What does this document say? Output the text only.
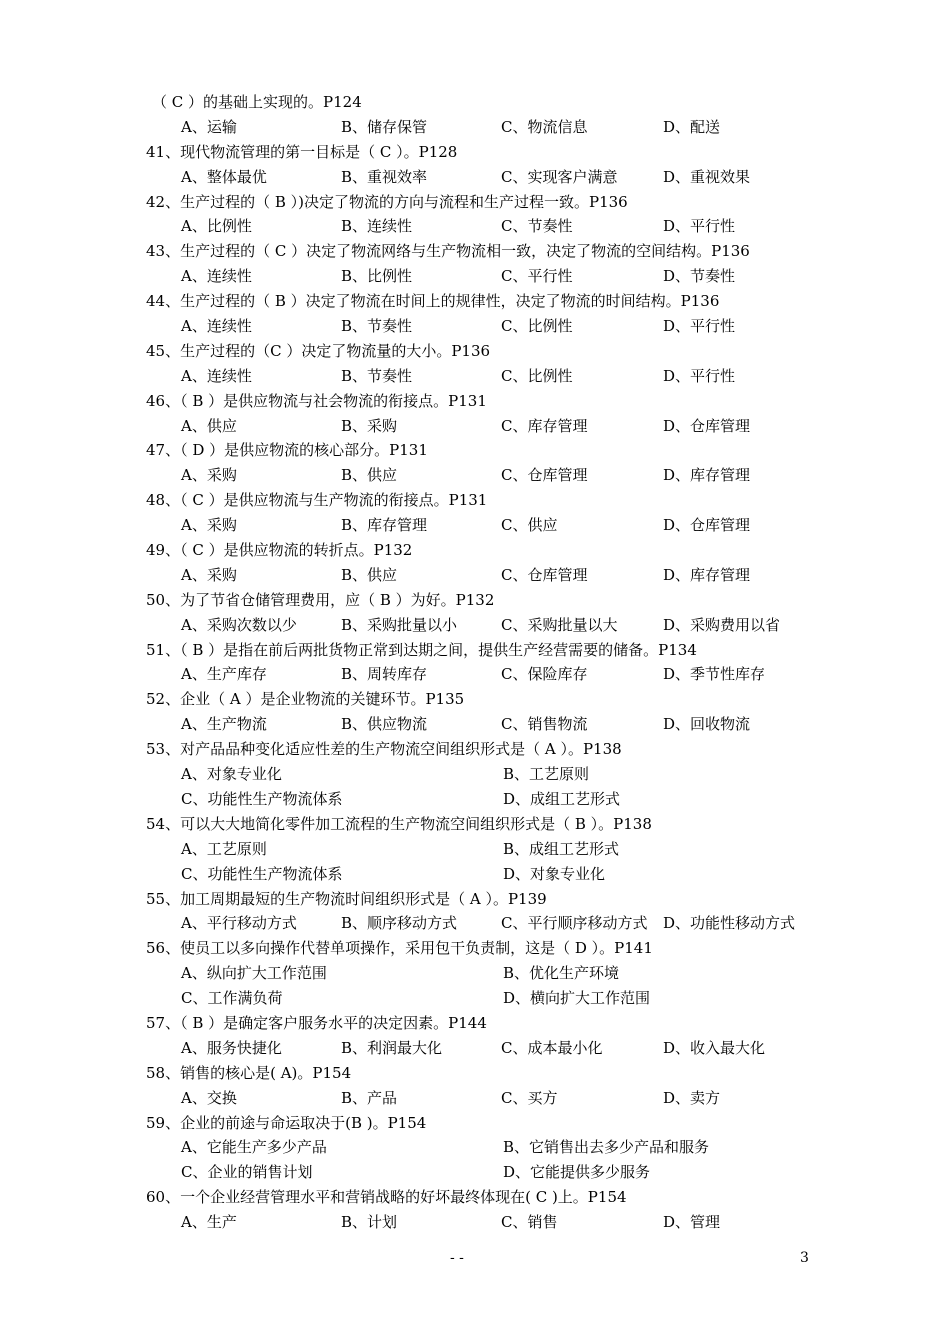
（ C ）的基础上实现的。P124
A、运输	B、储存保管	C、物流信息	D、配送
41、现代物流管理的第一目标是（ C ）。P128
A、整体最优	B、重视效率	C、实现客户满意	D、重视效果
42、生产过程的（ B ）)决定了物流的方向与流程和生产过程一致。P136
A、比例性	B、连续性	C、节奏性	D、平行性
43、生产过程的（ C ）决定了物流网络与生产物流相一致，决定了物流的空间结构。P136
A、连续性	B、比例性	C、平行性	D、节奏性
44、生产过程的（ B ）决定了物流在时间上的规律性，决定了物流的时间结构。P136
A、连续性	B、节奏性	C、比例性	D、平行性
45、生产过程的（C ）决定了物流量的大小。P136
A、连续性	B、节奏性	C、比例性	D、平行性
46、（ B ）是供应物流与社会物流的衔接点。P131
A、供应	B、采购	C、库存管理	D、仓库管理
47、（ D ）是供应物流的核心部分。P131
A、采购	B、供应	C、仓库管理	D、库存管理
48、（ C ）是供应物流与生产物流的衔接点。P131
A、采购	B、库存管理	C、供应	D、仓库管理
49、（ C ）是供应物流的转折点。P132
A、采购	B、供应	C、仓库管理	D、库存管理
50、为了节省仓储管理费用，应（ B ）为好。P132
A、采购次数以少	B、采购批量以小	C、采购批量以大	D、采购费用以省
51、（ B ）是指在前后两批货物正常到达期之间，提供生产经营需要的储备。P134
A、生产库存	B、周转库存	C、保险库存	D、季节性库存
52、企业（ A ）是企业物流的关键环节。P135
A、生产物流	B、供应物流	C、销售物流	D、回收物流
53、对产品品种变化适应性差的生产物流空间组织形式是（ A ）。P138
A、对象专业化	B、工艺原则
C、功能性生产物流体系	D、成组工艺形式
54、可以大大地简化零件加工流程的生产物流空间组织形式是（ B ）。P138
A、工艺原则	B、成组工艺形式
C、功能性生产物流体系	D、对象专业化
55、加工周期最短的生产物流时间组织形式是（ A ）。P139
A、平行移动方式	B、顺序移动方式	C、平行顺序移动方式 D、功能性移动方式
56、使员工以多向操作代替单项操作，采用包干负责制，这是（ D ）。P141
A、纵向扩大工作范围	B、优化生产环境
C、工作满负荷	D、横向扩大工作范围
57、（ B ）是确定客户服务水平的决定因素。P144
A、服务快捷化	B、利润最大化	C、成本最小化	D、收入最大化
58、销售的核心是( A)。P154
A、交换	B、产品	C、买方	D、卖方
59、企业的前途与命运取决于(B )。P154
A、它能生产多少产品	B、它销售出去多少产品和服务
C、企业的销售计划	D、它能提供多少服务
60、一个企业经营管理水平和营销战略的好坏最终体现在( C )上。P154
A、生产	B、计划	C、销售	D、管理
- -	3
